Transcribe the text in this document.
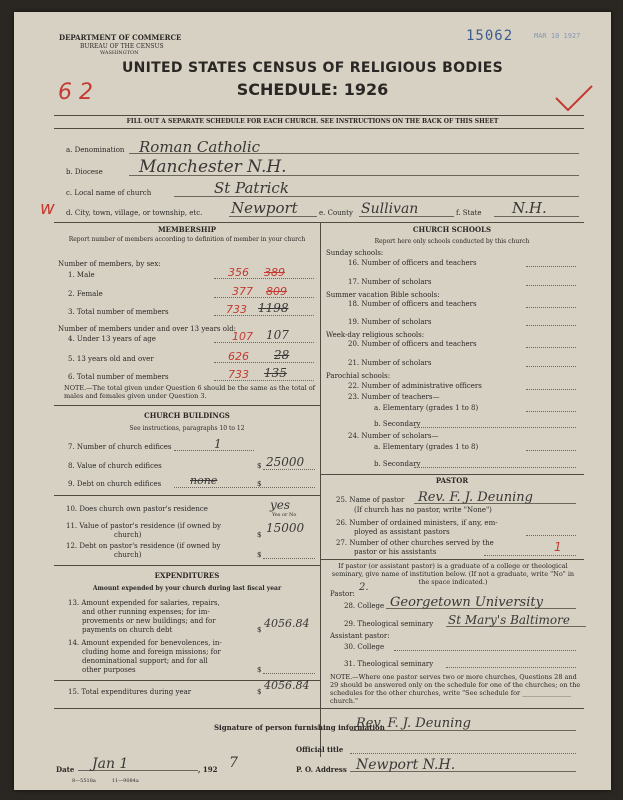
DEPARTMENT OF COMMERCE
BUREAU OF THE CENSUS
WASHINGTON
15062	MAR 10 1927
6 2
UNITED STATES CENSUS OF RELIGIOUS BODIES
SCHEDULE: 1926
FILL OUT A SEPARATE SCHEDULE FOR EACH CHURCH. SEE INSTRUCTIONS ON THE BACK OF THIS SHEET
a. Denomination Roman Catholic
b. Diocese	Manchester N.H.
c. Local name of church	St Patrick
w d. City, town, village, or township, etc. Newport	e. County Sullivan	f. State	N.H.
MEMBERSHIP
Report number of members according to definition of member in your church
Number of members, by sex:
1. Male	356 389
2. Female	377 809
3. Total number of members	733 1198
Number of members under and over 13 years old:
4. Under 13 years of age	107 107
5. 13 years old and over	626 28
6. Total number of members	733 135
NOTE.—The total given under Question 6 should be the same as the total of males and females given under Question 3.
CHURCH BUILDINGS
See instructions, paragraphs 10 to 12
7. Number of church edifices	1
8. Value of church edifices	$ 25000
9. Debt on church edifices	$
none
10. Does church own pastor's residence
Yes or No
yes
11. Value of pastor's residence (if owned by
church)	$ 15000
12. Debt on pastor's residence (if owned by
church)	$
EXPENDITURES
Amount expended by your church during last fiscal year
13. Amount expended for salaries, repairs,
and other running expenses; for im-
provements or new buildings; and for
payments on church debt	$ 4056.84
14. Amount expended for benevolences, in-
cluding home and foreign missions; for
denominational support; and for all
other purposes	$
15. Total expenditures during year	$ 4056.84
CHURCH SCHOOLS
Report here only schools conducted by this church
Sunday schools:
16. Number of officers and teachers
17. Number of scholars
Summer vacation Bible schools:
18. Number of officers and teachers
19. Number of scholars
Week-day religious schools:
20. Number of officers and teachers
21. Number of scholars
Parochial schools:
22. Number of administrative officers
23. Number of teachers—
a. Elementary (grades 1 to 8)
b. Secondary
24. Number of scholars—
a. Elementary (grades 1 to 8)
b. Secondary
PASTOR
25. Name of pastor	Rev. F. J. Deuning
(If church has no pastor, write "None")
26. Number of ordained ministers, if any, em-
ployed as assistant pastors
27. Number of other churches served by the
pastor or his assistants	1
If pastor (or assistant pastor) is a graduate of a college or theological seminary, give name of institution below. (If not a graduate, write "No" in the space indicated.)
Pastor:
2.
28. College Georgetown University
29. Theological seminary St Mary's Baltimore
Assistant pastor:
30. College
31. Theological seminary
NOTE.—Where one pastor serves two or more churches, Questions 28 and 29 should be answered only on the schedule for one of the churches; on the schedules for the other churches, write "See schedule for _______________ church."
Signature of person furnishing information
Rev. F. J. Deuning
Official title
Date	Jan 1	, 192 7	P. O. Address Newport N.H.
8—5518a          11—9084a
